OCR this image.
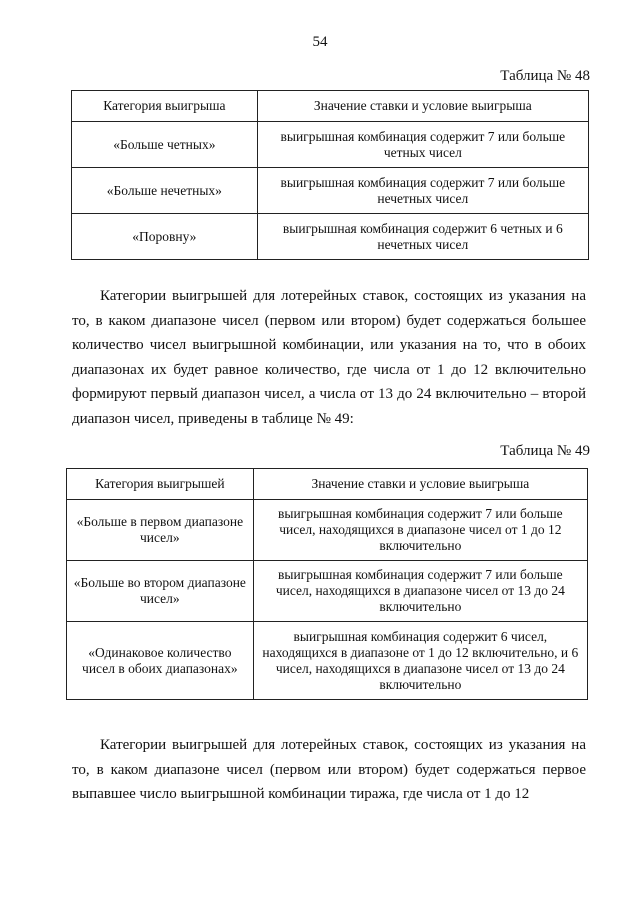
54
Таблица № 48
Категория выигрыша	Значение ставки и условие выигрыша
«Больше четных»	выигрышная комбинация содержит 7 или больше четных чисел
«Больше нечетных»	выигрышная комбинация содержит 7 или больше нечетных чисел
«Поровну»	выигрышная комбинация содержит 6 четных и 6 нечетных чисел
Категории выигрышей для лотерейных ставок, состоящих из указания на то, в каком диапазоне чисел (первом или втором) будет содержаться большее количество чисел выигрышной комбинации, или указания на то, что в обоих диапазонах их будет равное количество, где числа от 1 до 12 включительно формируют первый диапазон чисел, а числа от 13 до 24 включительно – второй диапазон чисел, приведены в таблице № 49:
Таблица № 49
Категория выигрышей	Значение ставки и условие выигрыша
«Больше в первом диапазоне чисел»	выигрышная комбинация содержит 7 или больше чисел, находящихся в диапазоне чисел от 1 до 12 включительно
«Больше во втором диапазоне чисел»	выигрышная комбинация содержит 7 или больше чисел, находящихся в диапазоне чисел от 13 до 24 включительно
«Одинаковое количество чисел в обоих диапазонах»	выигрышная комбинация содержит 6 чисел, находящихся в диапазоне от 1 до 12 включительно, и 6 чисел, находящихся в диапазоне чисел от 13 до 24 включительно
Категории выигрышей для лотерейных ставок, состоящих из указания на то, в каком диапазоне чисел (первом или втором) будет содержаться первое выпавшее число выигрышной комбинации тиража, где числа от 1 до 12
